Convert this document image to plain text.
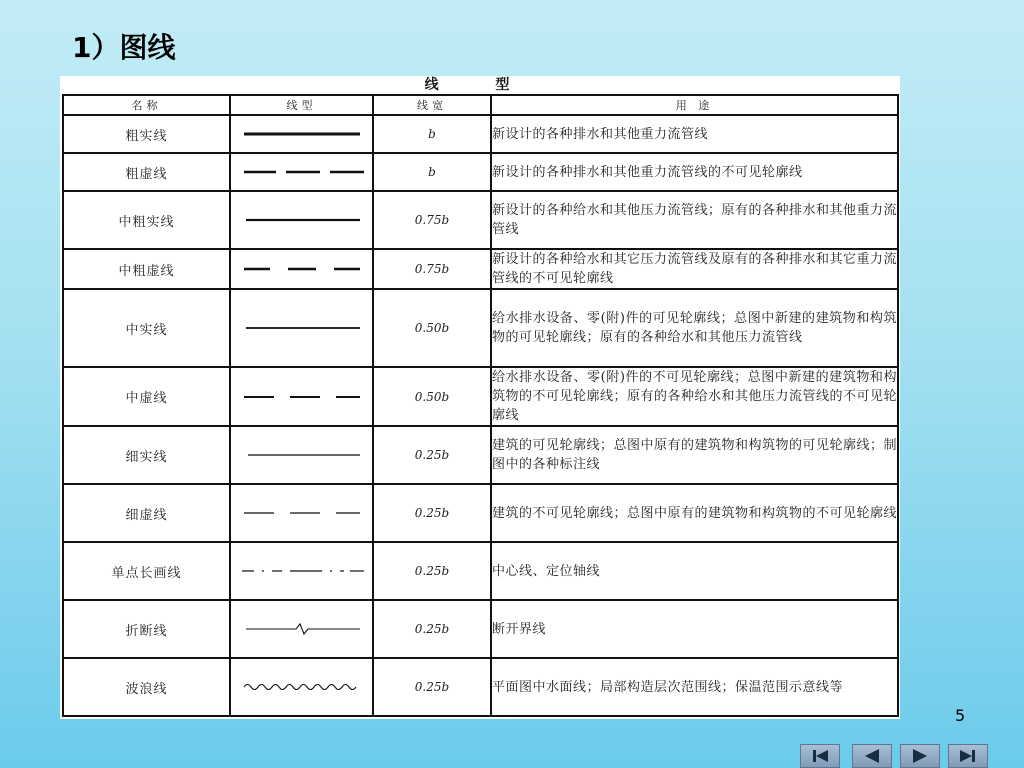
1）图线
线 型
名称	线型	线宽	用 途
粗实线		b	新设计的各种排水和其他重力流管线
粗虚线		b	新设计的各种排水和其他重力流管线的不可见轮廓线
中粗实线		0.75b	新设计的各种给水和其他压力流管线；原有的各种排水和其他重力流管线
中粗虚线		0.75b	新设计的各种给水和其它压力流管线及原有的各种排水和其它重力流管线的不可见轮廓线
中实线		0.50b	给水排水设备、零(附)件的可见轮廓线；总图中新建的建筑物和构筑物的可见轮廓线；原有的各种给水和其他压力流管线
中虚线		0.50b	给水排水设备、零(附)件的不可见轮廓线；总图中新建的建筑物和构筑物的不可见轮廓线；原有的各种给水和其他压力流管线的不可见轮廓线
细实线		0.25b	建筑的可见轮廓线；总图中原有的建筑物和构筑物的可见轮廓线；制图中的各种标注线
细虚线		0.25b	建筑的不可见轮廓线；总图中原有的建筑物和构筑物的不可见轮廓线
单点长画线		0.25b	中心线、定位轴线
折断线		0.25b	断开界线
波浪线		0.25b	平面图中水面线；局部构造层次范围线；保温范围示意线等
5
